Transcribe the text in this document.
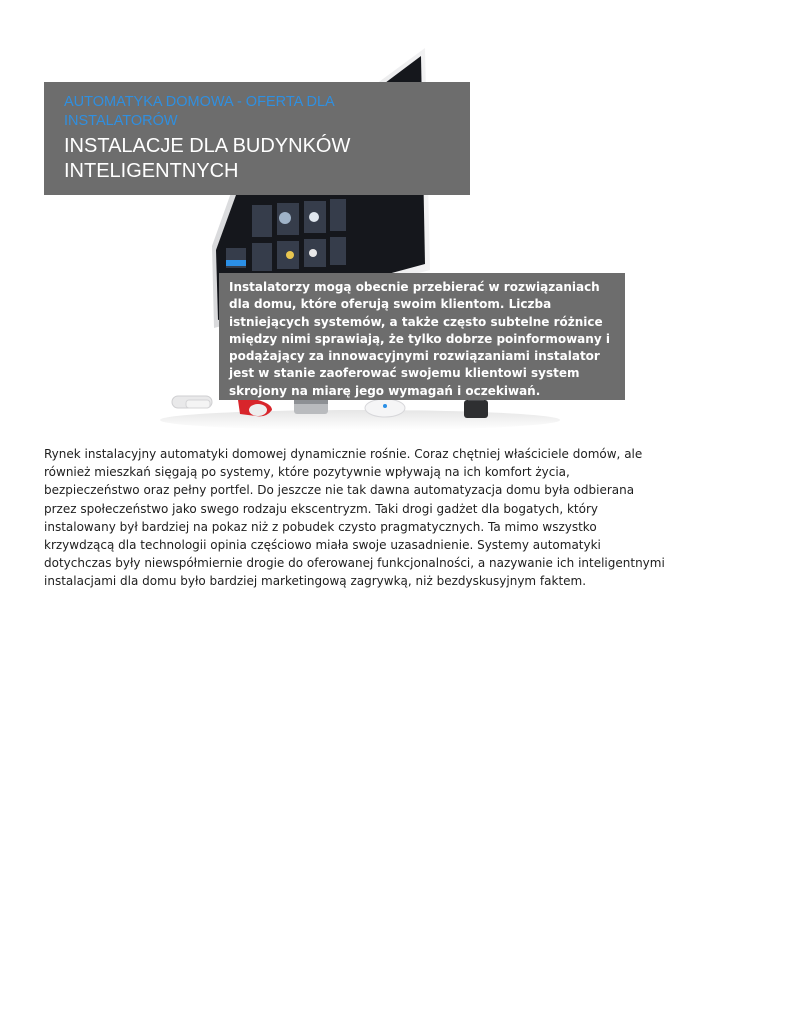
AUTOMATYKA DOMOWA - OFERTA DLA INSTALATORÓW

INSTALACJE DLA BUDYNKÓW INTELIGENTNYCH

Instalatorzy mogą obecnie przebierać w rozwiązaniach dla domu, które oferują swoim klientom. Liczba istniejących systemów, a także często subtelne różnice między nimi sprawiają, że tylko dobrze poinformowany i podążający za innowacyjnymi rozwiązaniami instalator jest w stanie zaoferować swojemu klientowi system skrojony na miarę jego wymagań i oczekiwań.

Rynek instalacyjny automatyki domowej dynamicznie rośnie. Coraz chętniej właściciele domów, ale również mieszkań sięgają po systemy, które pozytywnie wpływają na ich komfort życia, bezpieczeństwo oraz pełny portfel. Do jeszcze nie tak dawna automatyzacja domu była odbierana przez społeczeństwo jako swego rodzaju ekscentryzm. Taki drogi gadżet dla bogatych, który instalowany był bardziej na pokaz niż z pobudek czysto pragmatycznych. Ta mimo wszystko krzywdzącą dla technologii opinia częściowo miała swoje uzasadnienie. Systemy automatyki dotychczas były niewspółmiernie drogie do oferowanej funkcjonalności, a nazywanie ich inteligentnymi instalacjami dla domu było bardziej marketingową zagrywką, niż bezdyskusyjnym faktem.
